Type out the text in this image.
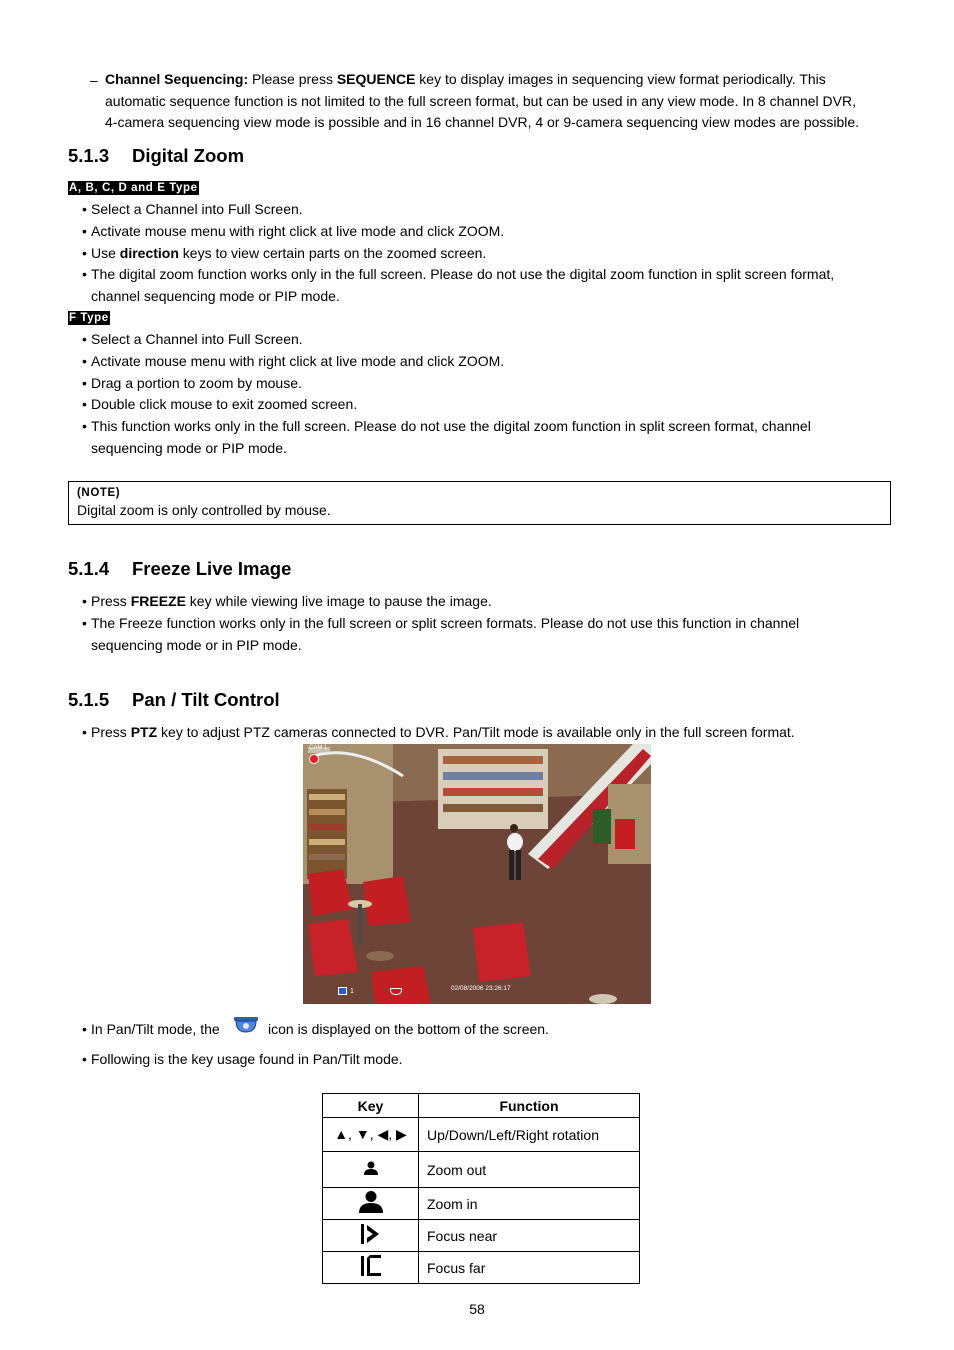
– Channel Sequencing: Please press SEQUENCE key to display images in sequencing view format periodically. This
automatic sequence function is not limited to the full screen format, but can be used in any view mode. In 8 channel DVR,
4-camera sequencing view mode is possible and in 16 channel DVR, 4 or 9-camera sequencing view modes are possible.
5.1.3 Digital Zoom
A, B, C, D and E Type
• Select a Channel into Full Screen.
• Activate mouse menu with right click at live mode and click ZOOM.
• Use direction keys to view certain parts on the zoomed screen.
• The digital zoom function works only in the full screen. Please do not use the digital zoom function in split screen format,
channel sequencing mode or PIP mode.
F Type
• Select a Channel into Full Screen.
• Activate mouse menu with right click at live mode and click ZOOM.
• Drag a portion to zoom by mouse.
• Double click mouse to exit zoomed screen.
• This function works only in the full screen. Please do not use the digital zoom function in split screen format, channel
sequencing mode or PIP mode.
(NOTE)
Digital zoom is only controlled by mouse.
5.1.4 Freeze Live Image
• Press FREEZE key while viewing live image to pause the image.
• The Freeze function works only in the full screen or split screen formats. Please do not use this function in channel
sequencing mode or in PIP mode.
5.1.5 Pan / Tilt Control
• Press PTZ key to adjust PTZ cameras connected to DVR. Pan/Tilt mode is available only in the full screen format.
CAM 1
1	02/08/2006 23:26:17
• In Pan/Tilt mode, the	icon is displayed on the bottom of the screen.
• Following is the key usage found in Pan/Tilt mode.
Key	Function
▲, ▼, ◀, ▶	Up/Down/Left/Right rotation
	Zoom out
	Zoom in
	Focus near
	Focus far
58
